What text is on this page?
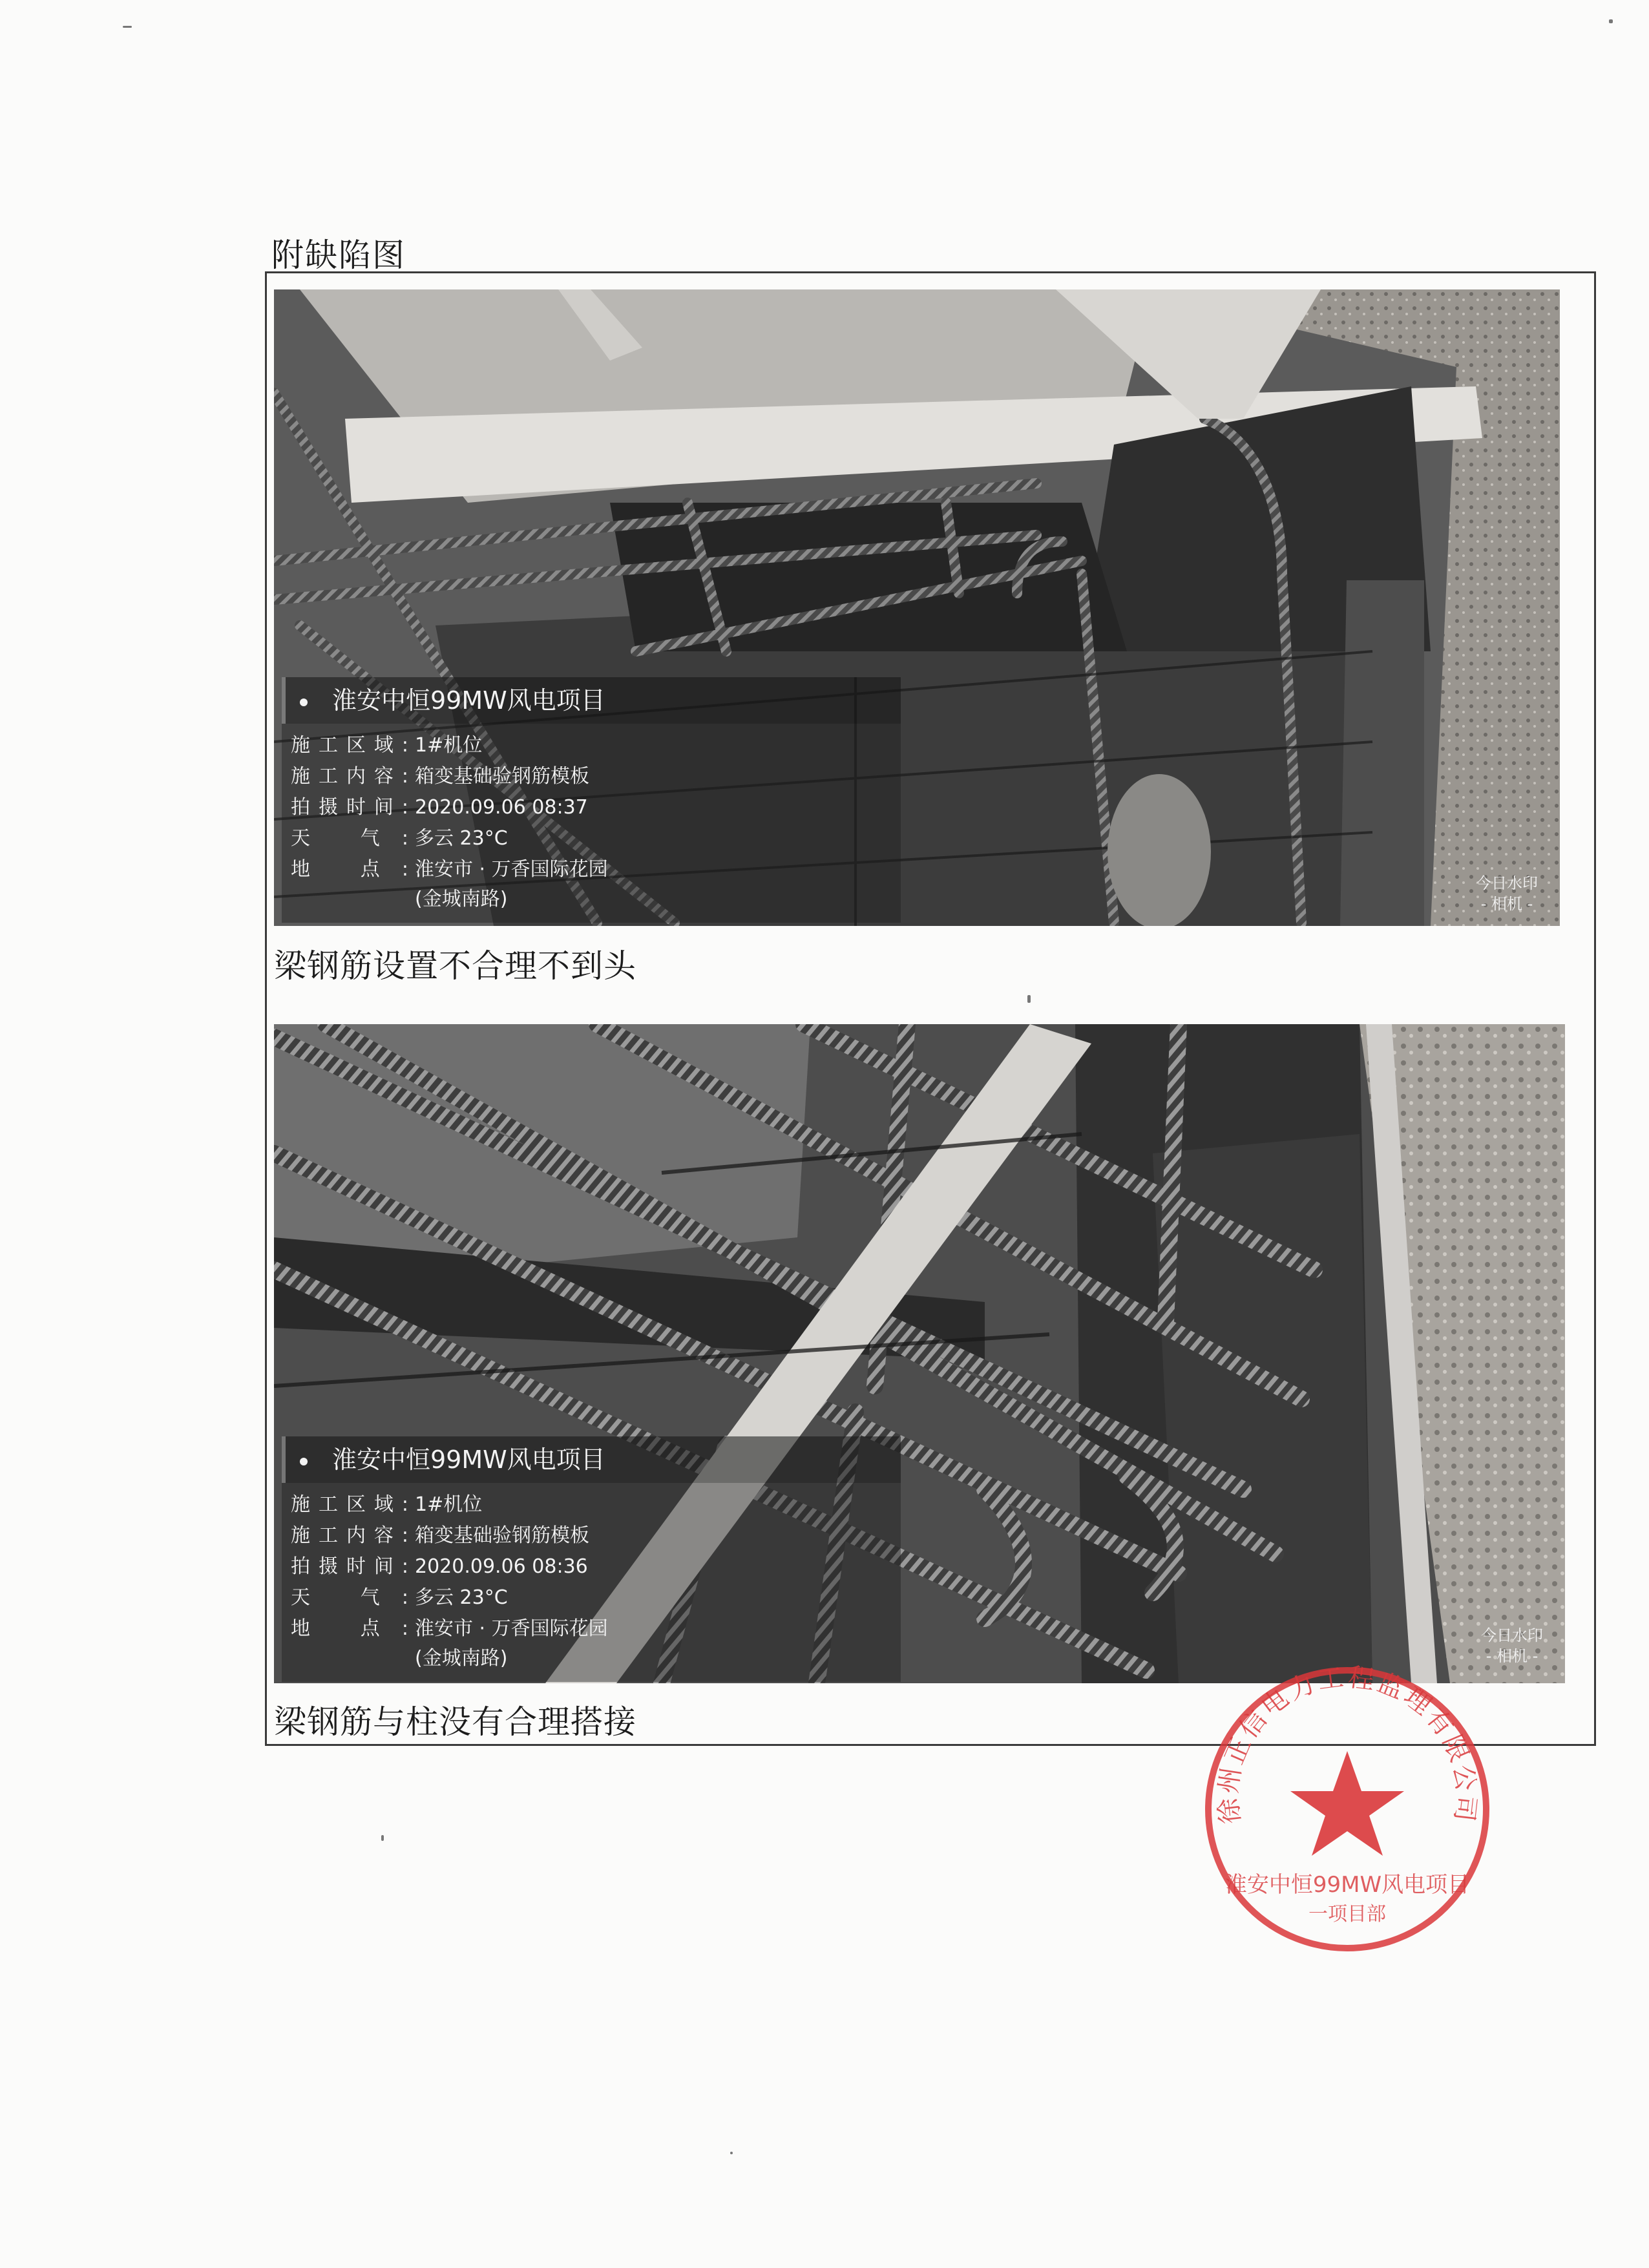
附缺陷图
淮安中恒99MW风电项目
施工区域: 1#机位
施工内容: 箱变基础验钢筋模板
拍摄时间: 2020.09.06 08:37
天 气: 多云 23°C
地 点: 淮安市 · 万香国际花园
(金城南路)
今日水印
- 相机 -
梁钢筋设置不合理不到头
淮安中恒99MW风电项目
施工区域: 1#机位
施工内容: 箱变基础验钢筋模板
拍摄时间: 2020.09.06 08:36
天 气: 多云 23°C
地 点: 淮安市 · 万香国际花园
(金城南路)
今日水印
- 相机 -
梁钢筋与柱没有合理搭接
徐州正信电力工程监理有限公司
淮安中恒99MW风电项目
一项目部
